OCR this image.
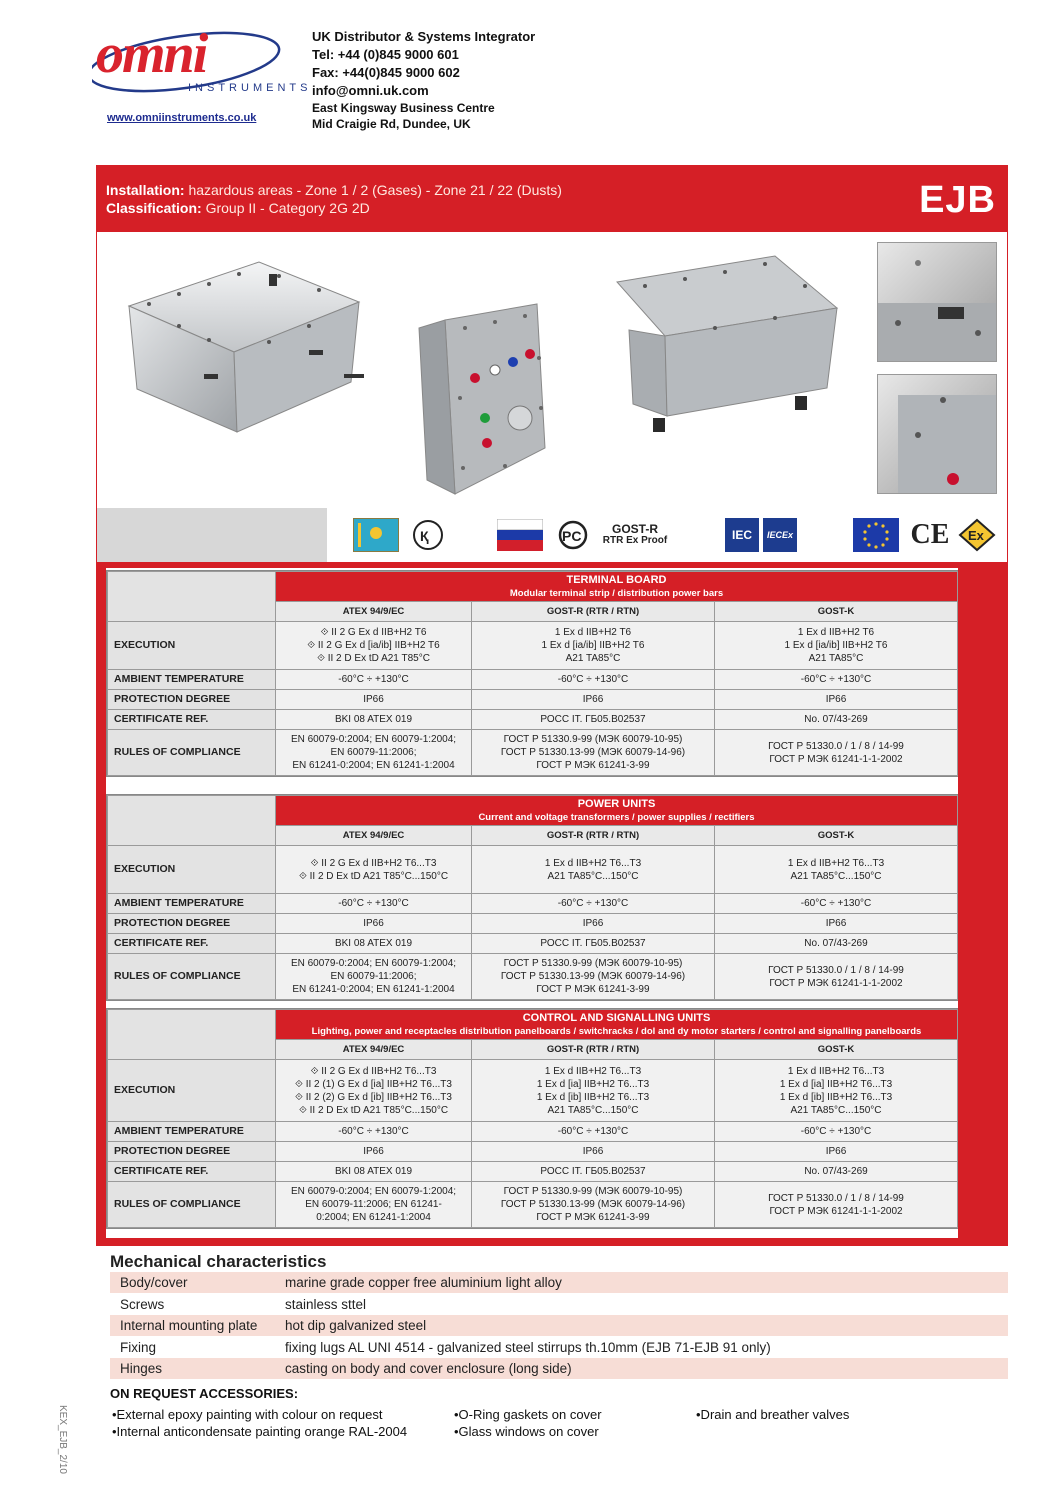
omni
INSTRUMENTS
www.omniinstruments.co.uk
UK Distributor & Systems Integrator
Tel: +44 (0)845 9000 601
Fax: +44(0)845 9000 602
info@omni.uk.com
East Kingsway Business Centre
Mid Craigie Rd, Dundee, UK
Installation: hazardous areas - Zone 1 / 2 (Gases) - Zone 21 / 22 (Dusts)
Classification: Group II - Category 2G 2D	EJB
Қ	PC	GOST-R
RTR Ex Proof	IEC	IECEx	CE Ex
	TERMINAL BOARD
Modular terminal strip / distribution power bars		

	ATEX 94/9/EC	GOST-R (RTR / RTN)	GOST-K
EXECUTION	⟐ II 2 G Ex d IIB+H2 T6
⟐ II 2 G Ex d [ia/ib] IIB+H2 T6
⟐ II 2 D Ex tD A21 T85°C	1 Ex d IIB+H2 T6
1 Ex d [ia/ib] IIB+H2 T6
A21 TA85°C	1 Ex d IIB+H2 T6
1 Ex d [ia/ib] IIB+H2 T6
A21 TA85°C
AMBIENT TEMPERATURE	-60°C ÷ +130°C	-60°C ÷ +130°C	-60°C ÷ +130°C
PROTECTION DEGREE	IP66	IP66	IP66
CERTIFICATE REF.	BKI 08 ATEX 019	РОСС IT. ГБ05.В02537	No. 07/43-269
RULES OF COMPLIANCE	EN 60079-0:2004; EN 60079-1:2004;
EN 60079-11:2006;
EN 61241-0:2004; EN 61241-1:2004	ГОСТ Р 51330.9-99 (МЭК 60079-10-95)
ГОСТ Р 51330.13-99 (МЭК 60079-14-96)
ГОСТ Р МЭК 61241-3-99	ГОСТ Р 51330.0 / 1 / 8 / 14-99
ГОСТ Р МЭК 61241-1-1-2002
	POWER UNITS
Current and voltage transformers / power supplies / rectifiers		

	ATEX 94/9/EC	GOST-R (RTR / RTN)	GOST-K
EXECUTION	⟐ II 2 G Ex d IIB+H2 T6...T3
⟐ II 2 D Ex tD A21 T85°C...150°C	1 Ex d IIB+H2 T6...T3
A21 TA85°C...150°C	1 Ex d IIB+H2 T6...T3
A21 TA85°C...150°C
AMBIENT TEMPERATURE	-60°C ÷ +130°C	-60°C ÷ +130°C	-60°C ÷ +130°C
PROTECTION DEGREE	IP66	IP66	IP66
CERTIFICATE REF.	BKI 08 ATEX 019	РОСС IT. ГБ05.В02537	No. 07/43-269
RULES OF COMPLIANCE	EN 60079-0:2004; EN 60079-1:2004;
EN 60079-11:2006;
EN 61241-0:2004; EN 61241-1:2004	ГОСТ Р 51330.9-99 (МЭК 60079-10-95)
ГОСТ Р 51330.13-99 (МЭК 60079-14-96)
ГОСТ Р МЭК 61241-3-99	ГОСТ Р 51330.0 / 1 / 8 / 14-99
ГОСТ Р МЭК 61241-1-1-2002
	CONTROL AND SIGNALLING UNITS
Lighting, power and receptacles distribution panelboards / switchracks / dol and dy motor starters / control and signalling panelboards		

	ATEX 94/9/EC	GOST-R (RTR / RTN)	GOST-K
EXECUTION	⟐ II 2 G Ex d IIB+H2 T6...T3
⟐ II 2 (1) G Ex d [ia] IIB+H2 T6...T3
⟐ II 2 (2) G Ex d [ib] IIB+H2 T6...T3
⟐ II 2 D Ex tD A21 T85°C...150°C	1 Ex d IIB+H2 T6...T3
1 Ex d [ia] IIB+H2 T6...T3
1 Ex d [ib] IIB+H2 T6...T3
A21 TA85°C...150°C	1 Ex d IIB+H2 T6...T3
1 Ex d [ia] IIB+H2 T6...T3
1 Ex d [ib] IIB+H2 T6...T3
A21 TA85°C...150°C
AMBIENT TEMPERATURE	-60°C ÷ +130°C	-60°C ÷ +130°C	-60°C ÷ +130°C
PROTECTION DEGREE	IP66	IP66	IP66
CERTIFICATE REF.	BKI 08 ATEX 019	РОСС IT. ГБ05.В02537	No. 07/43-269
RULES OF COMPLIANCE	EN 60079-0:2004; EN 60079-1:2004;
EN 60079-11:2006; EN 61241-
0:2004; EN 61241-1:2004	ГОСТ Р 51330.9-99 (МЭК 60079-10-95)
ГОСТ Р 51330.13-99 (МЭК 60079-14-96)
ГОСТ Р МЭК 61241-3-99	ГОСТ Р 51330.0 / 1 / 8 / 14-99
ГОСТ Р МЭК 61241-1-1-2002
Mechanical characteristics
Body/cover	marine grade copper free aluminium light alloy
Screws	stainless sttel
Internal mounting plate hot dip galvanized steel
Fixing	fixing lugs AL UNI 4514 - galvanized steel stirrups th.10mm (EJB 71-EJB 91 only)
Hinges	casting on body and cover enclosure (long side)
ON REQUEST ACCESSORIES:
•External epoxy painting with colour on request
•Internal anticondensate painting orange RAL-2004
•O-Ring gaskets on cover
•Glass windows on cover
•Drain and breather valves
KEX_EJB_2/10
